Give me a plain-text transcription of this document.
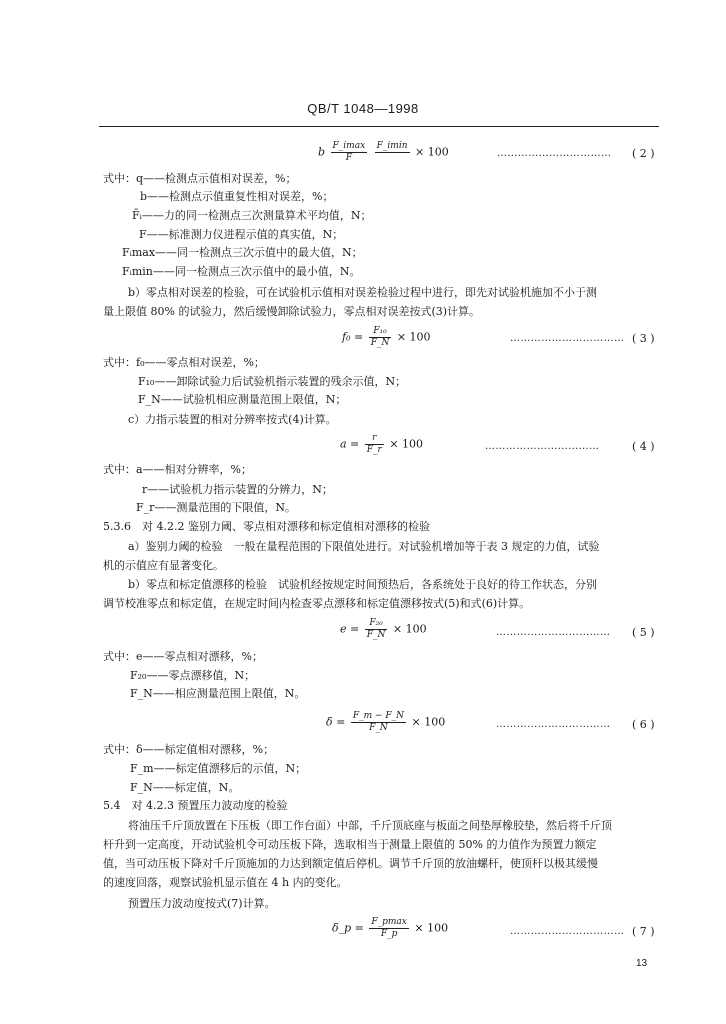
QB/T 1048—1998
b $\frac{F\_imax}{F}$
F_imin
× 100	…………………………… ( 2 )
式中：q——检测点示值相对误差，%；
b——检测点示值重复性相对误差，%；
F̄ᵢ——力的同一检测点三次测量算术平均值，N；
F——标准测力仪进程示值的真实值，N；
Fᵢmax——同一检测点三次示值中的最大值，N；
Fᵢmin——同一检测点三次示值中的最小值，N。
b）零点相对误差的检验，可在试验机示值相对误差检验过程中进行，即先对试验机施加不小于测
量上限值 80% 的试验力，然后缓慢卸除试验力，零点相对误差按式(3)计算。
$f_0 = \frac{\text{F₁₀}}{F\_N} \times 100$	…………………………… ( 3 )
式中：f₀——零点相对误差，%；
F₁₀——卸除试验力后试验机指示装置的残余示值，N；
F_N——试验机相应测量范围上限值，N；
c）力指示装置的相对分辨率按式(4)计算。
$a = \frac{r}{F\_r} \times 100$	……………………………	( 4 )
式中：a——相对分辨率，%；
r——试验机力指示装置的分辨力，N；
F_r——测量范围的下限值，N。
5.3.6　对 4.2.2 鉴别力阈、零点相对漂移和标定值相对漂移的检验
a）鉴别力阈的检验　一般在量程范围的下限值处进行。对试验机增加等于表 3 规定的力值，试验
机的示值应有显著变化。
b）零点和标定值漂移的检验　试验机经按规定时间预热后，各系统处于良好的待工作状态，分别
调节校准零点和标定值，在规定时间内检查零点漂移和标定值漂移按式(5)和式(6)计算。
$e = \frac{\text{F₂₀}}{F\_N} \times 100$	…………………………… ( 5 )
式中：e——零点相对漂移，%；
F₂₀——零点漂移值，N；
F_N——相应测量范围上限值，N。
$\delta = \frac{F\_m - F\_N}{F\_N} \times 100$	…………………………… ( 6 )
式中：δ——标定值相对漂移，%；
F_m——标定值漂移后的示值，N；
F_N——标定值，N。
5.4　对 4.2.3 预置压力波动度的检验
将油压千斤顶放置在下压板（即工作台面）中部，千斤顶底座与板面之间垫厚橡胶垫，然后将千斤顶
杆升到一定高度，开动试验机令可动压板下降，选取相当于测量上限值的 50% 的力值作为预置力额定
值，当可动压板下降对千斤顶施加的力达到额定值后停机。调节千斤顶的放油螺杆，使顶杆以极其缓慢
的速度回落，观察试验机显示值在 4 h 内的变化。
预置压力波动度按式(7)计算。
δ_p = $\frac{F\_pmax}{F\_p} \times 100$	…………………………… ( 7 )
13
